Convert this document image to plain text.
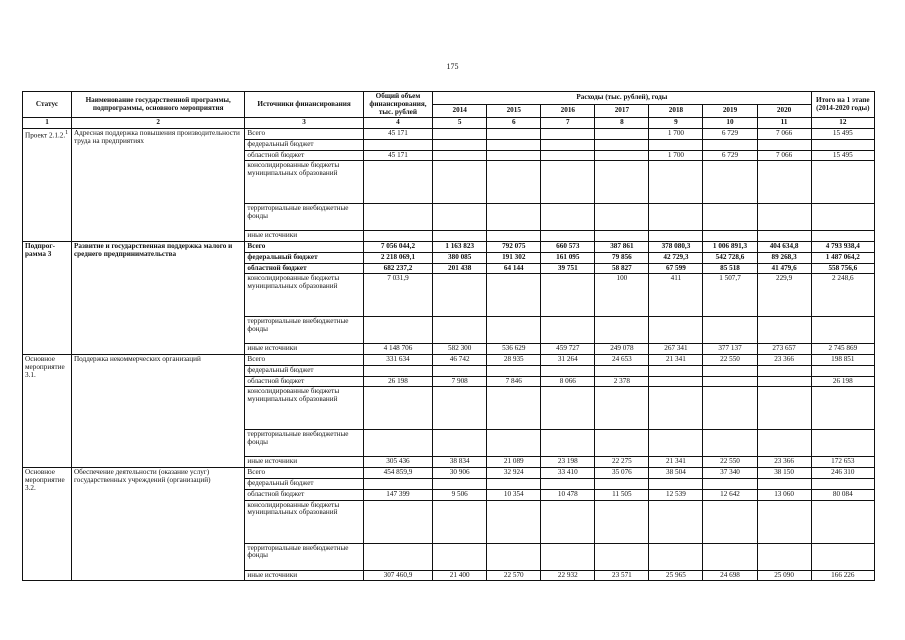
175
Статус	Наименование государственной программы, подпрограммы, основного мероприятия	Источники финансирования	Общий объем финансирования, тыс. рублей	Расходы (тыс. рублей), годы							Итого на 1 этапе (2014-2020 годы)
				2014	2015	2016	2017	2018	2019	2020	
1	2	3	4	5	6	7	8	9	10	11	12
Проект 2.1.2.$^1$	Адресная поддержка повышения производительности труда на предприятиях	Всего	45 171					1 700	6 729	7 066	15 495
		федеральный бюджет									
		областной бюджет	45 171					1 700	6 729	7 066	15 495
		консолидированные бюджеты муниципальных образований									
		территориальные внебюджетные фонды									
		иные источники									
Подпрог-рамма 3	Развитие и государственная поддержка малого и среднего предпринимательства	Всего	7 056 044,2	1 163 823	792 075	660 573	387 861	378 080,3	1 006 891,3	404 634,8	4 793 938,4
		федеральный бюджет	2 218 069,1	380 085	191 302	161 095	79 856	42 729,3	542 728,6	89 268,3	1 487 064,2
		областной бюджет	682 237,2	201 438	64 144	39 751	58 827	67 599	85 518	41 479,6	558 756,6
		консолидированные бюджеты муниципальных образований	7 031,9				100	411	1 507,7	229,9	2 248,6
		территориальные внебюджетные фонды									
		иные источники	4 148 706	582 300	536 629	459 727	249 078	267 341	377 137	273 657	2 745 869
Основное мероприятие 3.1.	Поддержка некоммерческих организаций	Всего	331 634	46 742	28 935	31 264	24 653	21 341	22 550	23 366	198 851
		федеральный бюджет									
		областной бюджет	26 198	7 908	7 846	8 066	2 378				26 198
		консолидированные бюджеты муниципальных образований									
		территориальные внебюджетные фонды									
		иные источники	305 436	38 834	21 089	23 198	22 275	21 341	22 550	23 366	172 653
Основное мероприятие 3.2.	Обеспечение деятельности (оказание услуг) государственных учреждений (организаций)	Всего	454 859,9	30 906	32 924	33 410	35 076	38 504	37 340	38 150	246 310
		федеральный бюджет									
		областной бюджет	147 399	9 506	10 354	10 478	11 505	12 539	12 642	13 060	80 084
		консолидированные бюджеты муниципальных образований									
		территориальные внебюджетные фонды									
		иные источники	307 460,9	21 400	22 570	22 932	23 571	25 965	24 698	25 090	166 226
